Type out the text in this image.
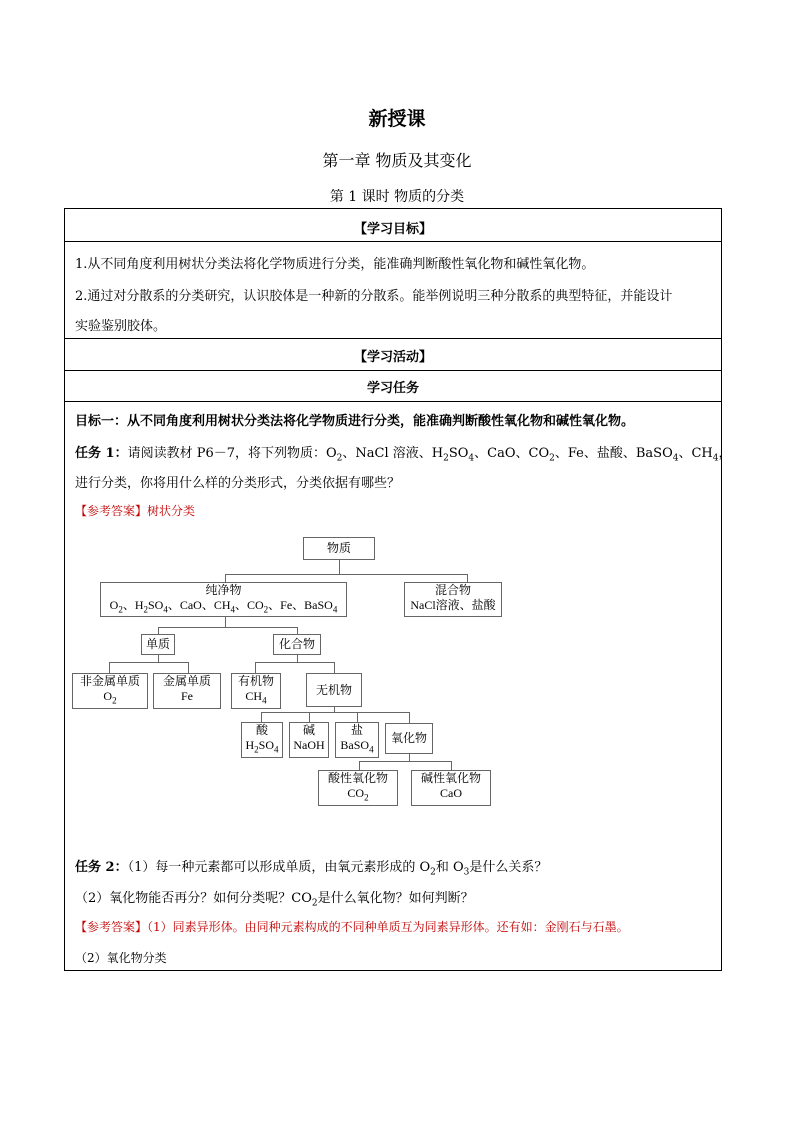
新授课
第一章 物质及其变化
第 1 课时 物质的分类
【学习目标】
1.从不同角度利用树状分类法将化学物质进行分类，能准确判断酸性氧化物和碱性氧化物。
2.通过对分散系的分类研究，认识胶体是一种新的分散系。能举例说明三种分散系的典型特征，并能设计
实验鉴别胶体。
【学习活动】
学习任务
目标一：从不同角度利用树状分类法将化学物质进行分类，能准确判断酸性氧化物和碱性氧化物。
任务 1：请阅读教材 P6－7，将下列物质：$O_2$、NaCl 溶液、$H_2SO_4$、CaO、$CO_2$、Fe、盐酸、BaSO$_4$、$CH_4$，
进行分类，你将用什么样的分类形式，分类依据有哪些？
【参考答案】树状分类
物质
纯净物
$O_2$、$H_2SO_4$、CaO、$CH_4$、$CO_2$、Fe、BaSO$_4$
混合物
NaCl溶液、盐酸
单质	化合物
非金属单质
$O_2$
金属单质
Fe
有机物
$CH_4$
无机物
酸
$H_2SO_4$
碱
NaOH
盐
BaSO$_4$
氧化物
酸性氧化物
$CO_2$
碱性氧化物
CaO
任务 2：（1）每一种元素都可以形成单质，由氧元素形成的 $O_2$和 $O_3$是什么关系？
（2）氧化物能否再分？如何分类呢？$CO_2$是什么氧化物？如何判断？
【参考答案】（1）同素异形体。由同种元素构成的不同种单质互为同素异形体。还有如：金刚石与石墨。
（2）氧化物分类
